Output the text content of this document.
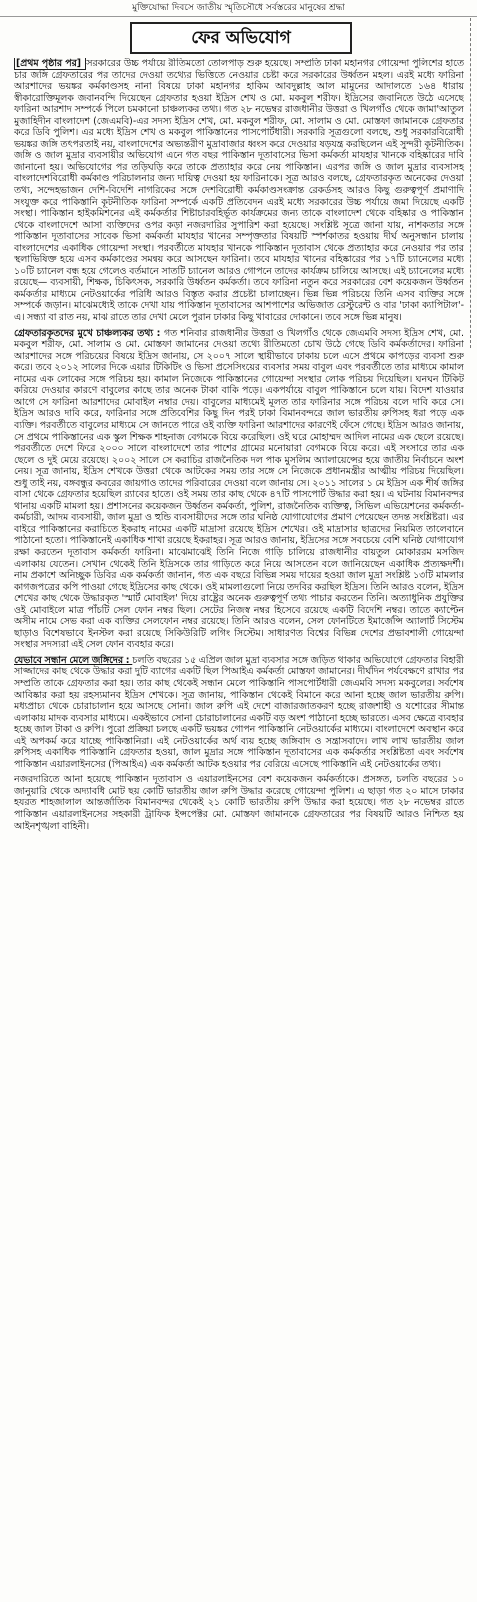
মুক্তিযোদ্ধা দিবসে জাতীয় স্মৃতিসৌধে সর্বস্তরের মানুষের শ্রদ্ধা
ফের অভিযোগ

[প্রথম পৃষ্ঠার পর] সরকারের উচ্চ পর্যায়ে রীতিমতো তোলপাড় শুরু হয়েছে। সম্প্রতি ঢাকা মহানগর গোয়েন্দা পুলিশের হাতে চার জঙ্গি গ্রেফতারের পর তাদের দেওয়া তথ্যের ভিত্তিতে নেওয়ার চেষ্টা করে সরকারের উর্ধ্বতন মহল। এরই মধ্যে ফারিনা আরশাদের ভয়ঙ্কর কর্মকাণ্ডসহ নানা বিষয়ে ঢাকা মহানগর হাকিম আবদুল্লাহ আল মামুনের আদালতে ১৬৪ ধারায় স্বীকারোক্তিমূলক জবানবন্দি দিয়েছেন গ্রেফতার হওয়া ইদ্রিস শেখ ও মো. মকবুল শরীফ। ইদ্রিসের জবানিতে উঠে এসেছে ফারিনা আরশাদ সম্পর্কে পিলে চমকানো চাঞ্চল্যকর তথ্য। গত ২৮ নভেম্বর রাজধানীর উত্তরা ও খিলগাঁও থেকে জামা'আতুল মুজাহিদীন বাংলাদেশ (জেএমবি)-এর সদস্য ইদ্রিস শেখ, মো. মকবুল শরীফ, মো. সালাম ও মো. মোস্তফা জামানকে গ্রেফতার করে ডিবি পুলিশ। এর মধ্যে ইদ্রিস শেখ ও মকবুল পাকিস্তানের পাসপোর্টধারী। সরকারি সূত্রগুলো বলছে, শুধু সরকারবিরোধী ভয়ঙ্কর জঙ্গি তৎপরতাই নয়, বাংলাদেশের অভ্যন্তরীণ মুদ্রাবাজার ধ্বংস করে দেওয়ার ষড়যন্ত্র করছিলেন এই সুন্দরী কূটনীতিক। জঙ্গি ও জাল মুদ্রার ব্যবসায়ীর অভিযোগ এনে গত বছর পাকিস্তান দূতাবাসের ভিসা কর্মকর্তা মাযহার খানকে বহিষ্কারের দাবি জানানো হয়। অভিযোগের পর তড়িঘড়ি করে তাকে প্রত্যাহার করে নেয় পাকিস্তান। এরপর জঙ্গি ও জাল মুদ্রার ব্যবসাসহ বাংলাদেশবিরোধী কর্মকাণ্ড পরিচালনার জন্য দায়িত্ব দেওয়া হয় ফারিনাকে। সূত্র আরও বলছে, গ্রেফতারকৃত অনেকের দেওয়া তথ্য, সন্দেহভাজন দেশি-বিদেশি নাগরিকের সঙ্গে দেশবিরোধী কর্মকাণ্ডসংক্রান্ত রেকর্ডসহ আরও কিছু গুরুত্বপূর্ণ প্রমাণাদি সংযুক্ত করে পাকিস্তানি কূটনীতিক ফারিনা সম্পর্কে একটি প্রতিবেদন এরই মধ্যে সরকারের উচ্চ পর্যায়ে জমা দিয়েছে একটি সংস্থা। পাকিস্তান হাইকমিশনের এই কর্মকর্তার শিষ্টাচারবহির্ভূত কার্যক্রমের জন্য তাকে বাংলাদেশ থেকে বহিষ্কার ও পাকিস্তান থেকে বাংলাদেশে আসা ব্যক্তিদের ওপর কড়া নজরদারির সুপারিশ করা হয়েছে। সংশ্লিষ্ট সূত্রে জানা যায়, নাশকতার সঙ্গে পাকিস্তান দূতাবাসের সাবেক ভিসা কর্মকর্তা মাযহার খানের সম্পৃক্ততার বিষয়টি স্পর্শকাতর হওয়ায় দীর্ঘ অনুসন্ধান চালায় বাংলাদেশের একাধিক গোয়েন্দা সংস্থা। পরবর্তীতে মাযহার খানকে পাকিস্তান দূতাবাস থেকে প্রত্যাহার করে নেওয়ার পর তার স্থলাভিষিক্ত হয়ে এসব কর্মকাণ্ডের সমন্বয় করে আসছেন ফারিনা। তবে মাযহার খানের বহিষ্কারের পর ১৭টি চ্যানেলের মধ্যে ১০টি চ্যানেল বন্ধ হয়ে গেলেও বর্তমানে সাতটি চ্যানেল আরও গোপনে তাদের কার্যক্রম চালিয়ে আসছে। এই চ্যানেলের মধ্যে রয়েছে— ব্যবসায়ী, শিক্ষক, চিকিৎসক, সরকারি উর্ধ্বতন কর্মকর্তা। তবে ফারিনা নতুন করে সরকারের বেশ কয়েকজন উর্ধ্বতন কর্মকর্তার মাধ্যমে নেটওয়ার্কের পরিধি আরও বিস্তৃত করার প্রচেষ্টা চালাচ্ছেন। ভিন্ন ভিন্ন পরিচয়ে তিনি এসব ব্যক্তির সঙ্গে সম্পর্কে জড়ান। মাঝেমধ্যেই তাকে দেখা যায় পাকিস্তান দূতাবাসের আশপাশের অভিজাত রেস্টুরেন্ট ও বার 'ঢাকা ক্যাপিটাল'-এ। সন্ধ্যা বা রাত নয়, মাঝ রাতে তার দেখা মেলে পুরান ঢাকার কিছু খাবারের দোকানে। তবে সঙ্গে ভিন্ন মানুষ।

গ্রেফতারকৃতদের মুখে চাঞ্চল্যকর তথ্য : গত শনিবার রাজধানীর উত্তরা ও খিলগাঁও থেকে জেএমবি সদস্য ইদ্রিস শেখ, মো. মকবুল শরীফ, মো. সালাম ও মো. মোস্তফা জামানের দেওয়া তথ্যে রীতিমতো চোখ উঠে গেছে ডিবি কর্মকর্তাদের। ফারিনা আরশাদের সঙ্গে পরিচয়ের বিষয়ে ইদ্রিস জানায়, সে ২০০৭ সালে স্থায়ীভাবে ঢাকায় চলে এসে প্রথমে কাপড়ের ব্যবসা শুরু করে। তবে ২০১২ সালের দিকে এয়ার টিকিটিং ও ভিসা প্রসেসিংয়ের ব্যবসার সময় বাবুল এবং পরবর্তীতে তার মাধ্যমে কামাল নামের এক লোকের সঙ্গে পরিচয় হয়। কামাল নিজেকে পাকিস্তানের গোয়েন্দা সংস্থার লোক পরিচয় দিয়েছিল। ঘনঘন টিকিট করিয়ে দেওয়ার কারণে বাবুলের কাছে তার অনেক টাকা বাকি পড়ে। একপর্যায়ে বাবুল পাকিস্তানে চলে যায়। বিদেশ যাওয়ার আগে সে ফারিনা আরশাদের মোবাইল নম্বার দেয়। বাবুলের মাধ্যমেই মূলত তার ফারিনার সঙ্গে পরিচয় বলে দাবি করে সে। ইদ্রিস আরও দাবি করে, ফারিনার সঙ্গে প্রতিবেশির কিছু দিন পরই ঢাকা বিমানবন্দরে জাল ভারতীয় রুপিসহ ধরা পড়ে এক ব্যক্তি। পরবর্তীতে বাবুলের মাধ্যমে সে জানতে পারে ওই ব্যক্তি ফারিনা আরশাদের কারণেই ফেঁসে গেছে। ইদ্রিস আরও জানায়, সে প্রথমে পাকিস্তানের এক স্কুল শিক্ষক শাহনাজ বেগমকে বিয়ে করেছিল। ওই ঘরে মোহাম্মদ আদিল নামের এক ছেলে রয়েছে। পরবর্তীতে দেশে ফিরে ২০০০ সালে বাংলাদেশে তার পাশের গ্রামের মনোয়ারা বেগমকে বিয়ে করে। এই সংসারে তার এক ছেলে ও দুই মেয়ে রয়েছে। ২০০২ সালে সে করাচির রাজনৈতিক দল পাক মুসলিম অ্যালায়েন্সের হয়ে জাতীয় নির্বাচনে অংশ নেয়। সূত্র জানায়, ইদ্রিস শেখকে উত্তরা থেকে আটকের সময় তার সঙ্গে সে নিজেকে প্রধানমন্ত্রীর আত্মীয় পরিচয় দিয়েছিল। শুধু তাই নয়, বঙ্গবন্ধুর কবরের জায়গাও তাদের পরিবারের দেওয়া বলে জানায় সে। ২০১১ সালের ১ মে ইদ্রিস এক শীর্ষ জঙ্গির বাসা থেকে গ্রেফতার হয়েছিল র‌্যাবের হাতে। ওই সময় তার কাছ থেকে ৪৭টি পাসপোর্ট উদ্ধার করা হয়। এ ঘটনায় বিমানবন্দর থানায় একটি মামলা হয়। প্রশাসনের কয়েকজন উর্ধ্বতন কর্মকর্তা, পুলিশ, রাজনৈতিক ব্যক্তিত্ব, সিভিল এভিয়েশনের কর্মকর্তা-কর্মচারী, আদম ব্যবসায়ী, জাল মুদ্রা ও হুন্ডি ব্যবসায়ীদের সঙ্গে তার ঘনিষ্ঠ যোগাযোগের প্রমাণ পেয়েছেন তদন্ত সংশ্লিষ্টরা। এর বাইরে পাকিস্তানের করাচিতে ইকরাহ নামের একটি মাদ্রাসা রয়েছে ইদ্রিস শেখের। ওই মাদ্রাসার ছাত্রদের নিয়মিত তালেবানে পাঠানো হতো। পাকিস্তানেই একাধিক শাখা রয়েছে ইকরাহর। সূত্র আরও জানায়, ইদ্রিসের সঙ্গে সবচেয়ে বেশি ঘনিষ্ঠ যোগাযোগ রক্ষা করতেন দূতাবাস কর্মকর্তা ফারিনা। মাঝেমাঝেই তিনি নিজে গাড়ি চালিয়ে রাজধানীর বায়তুল মোকাররম মসজিদ এলাকায় যেতেন। সেখান থেকেই তিনি ইদ্রিসকে তার গাড়িতে করে নিয়ে আসতেন বলে জানিয়েছেন একাধিক প্রত্যক্ষদর্শী। নাম প্রকাশে অনিচ্ছুক ডিবির এক কর্মকর্তা জানান, গত এক বছরে বিভিন্ন সময় দায়ের হওয়া জাল মুদ্রা সংশ্লিষ্ট ১৩টি মামলার কাগজপত্রের কপি পাওয়া গেছে ইদ্রিসের কাছ থেকে। ওই মামলাগুলো নিয়ে তদবির করছিল ইদ্রিস। তিনি আরও বলেন, ইদ্রিস শেখের কাছ থেকে উদ্ধারকৃত 'স্মার্ট মোবাইল' দিয়ে রাষ্ট্রের অনেক গুরুত্বপূর্ণ তথ্য পাচার করতেন তিনি। অত্যাধুনিক প্রযুক্তির ওই মোবাইলে মাত্র পাঁচটি সেল ফোন নম্বর ছিল। সেটের নিজস্ব নম্বর হিসেবে রয়েছে একটি বিদেশি নম্বর। তাতে ক্যাপ্টেন অসীম নামে সেভ করা এক ব্যক্তির সেলফোন নম্বর রয়েছে। তিনি আরও বলেন, সেল ফোনটিতে ইমার্জেন্সি অ্যালার্ট সিস্টেম ছাড়াও বিশেষভাবে ইনস্টল করা রয়েছে সিকিউরিটি লগিং সিস্টেম। সাধারণত বিশ্বের বিভিন্ন দেশের প্রভাবশালী গোয়েন্দা সংস্থার সদস্যরা এই সেল ফোন ব্যবহার করে।

যেভাবে সন্ধান মেলে জঙ্গিদের : চলতি বছরের ১৫ এপ্রিল জাল মুদ্রা ব্যবসার সঙ্গে জড়িত থাকার অভিযোগে গ্রেফতার বিহারী সাজ্জাদের কাছ থেকে উদ্ধার করা দুটি ব্যাগের একটি ছিল পিআইএ কর্মকর্তা মোস্তফা জামানের। দীর্ঘদিন পর্যবেক্ষণে রাখার পর সম্প্রতি তাকে গ্রেফতার করা হয়। তার কাছ থেকেই সন্ধান মেলে পাকিস্তানি পাসপোর্টধারী জেএমবি সদস্য মকবুলের। সর্বশেষ আবিষ্কার করা হয় রহস্যমানব ইদ্রিস শেখকে। সূত্র জানায়, পাকিস্তান থেকেই বিমানে করে আনা হচ্ছে জাল ভারতীয় রুপি। মধ্যপ্রাচ্য থেকে চোরাচালান হয়ে আসছে সোনা। জাল রুপি এই দেশে বাজারজাতকরণ হচ্ছে রাজশাহী ও যশোরের সীমান্ত এলাকায় মাদক ব্যবসার মাধ্যমে। একইভাবে সোনা চোরাচালানের একটি বড় অংশ পাঠানো হচ্ছে ভারতে। এসব ক্ষেত্রে ব্যবহার হচ্ছে জাল টাকা ও রুপি। পুরো প্রক্রিয়া চলছে একটি ভয়ঙ্কর গোপন পাকিস্তানি নেটওয়ার্কের মাধ্যমে। বাংলাদেশে অবস্থান করে এই অপকর্ম করে যাচ্ছে পাকিস্তানিরা। এই নেটওয়ার্কের অর্থ ব্যয় হচ্ছে জঙ্গিবাদ ও সন্ত্রাসবাদে। লাখ লাখ ভারতীয় জাল রুপিসহ একাধিক পাকিস্তানি গ্রেফতার হওয়া, জাল মুদ্রার সঙ্গে পাকিস্তান দূতাবাসের এক কর্মকর্তার সংশ্লিষ্টতা এবং সর্বশেষ পাকিস্তান এয়ারলাইনসের (পিআইএ) এক কর্মকর্তা আটক হওয়ার পর বেরিয়ে এসেছে পাকিস্তানি এই নেটওয়ার্কের তথ্য।

নজরদারিতে আনা হয়েছে পাকিস্তান দূতাবাস ও এয়ারলাইনসের বেশ কয়েকজন কর্মকর্তাকে। প্রসঙ্গত, চলতি বছরের ১০ জানুয়ারি থেকে অদ্যাবধি মোট ছয় কোটি ভারতীয় জাল রুপি উদ্ধার করেছে গোয়েন্দা পুলিশ। এ ছাড়া গত ২০ মাসে ঢাকার হযরত শাহজালাল আন্তর্জাতিক বিমানবন্দর থেকেই ২১ কোটি ভারতীয় রুপি উদ্ধার করা হয়েছে। গত ২৮ নভেম্বর রাতে পাকিস্তান এয়ারলাইনসের সহকারী ট্রাফিক ইন্সপেক্টর মো. মোস্তফা জামানকে গ্রেফতারের পর বিষয়টি আরও নিশ্চিত হয় আইনশৃঙ্খলা বাহিনী।
